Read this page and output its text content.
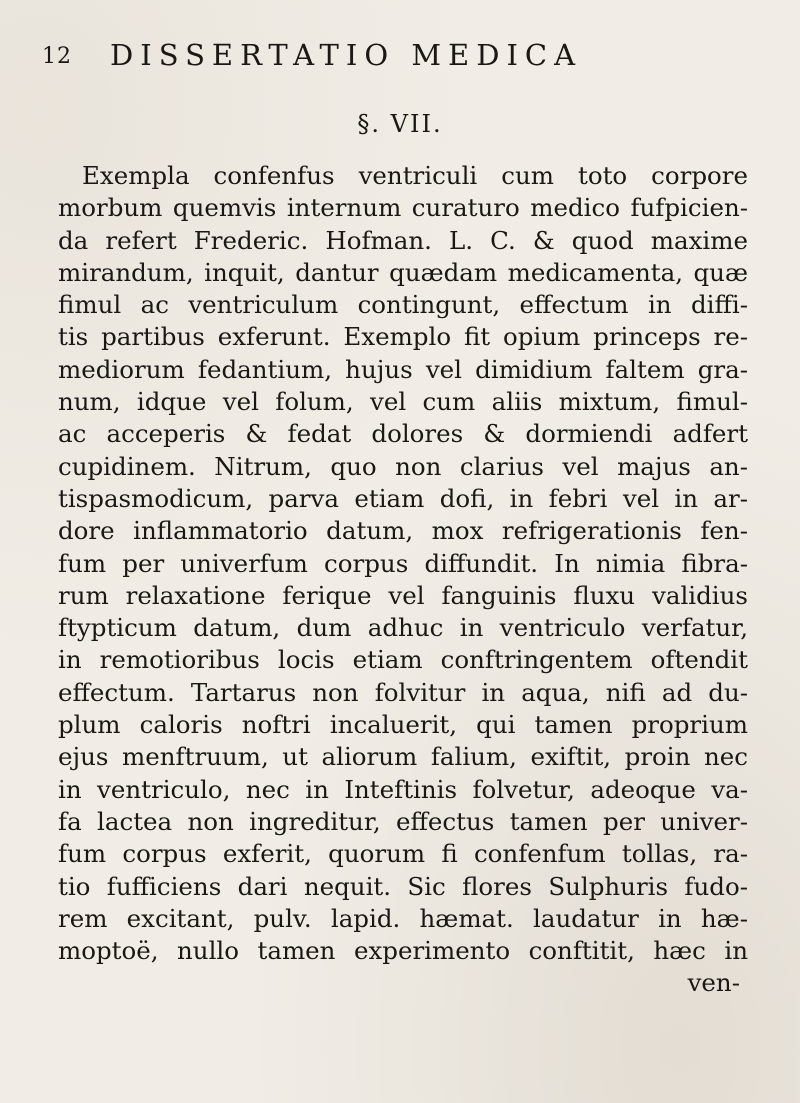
12 DISSERTATIO MEDICA
§. VII.
Exempla confenfus ventriculi cum toto corpore
morbum quemvis internum curaturo medico fufpicien-
da refert Frederic. Hofman. L. C. & quod maxime
mirandum, inquit, dantur quædam medicamenta, quæ
fimul ac ventriculum contingunt, effectum in diffi-
tis partibus exferunt. Exemplo fit opium princeps re-
mediorum fedantium, hujus vel dimidium faltem gra-
num, idque vel folum, vel cum aliis mixtum, fimul-
ac acceperis & fedat dolores & dormiendi adfert
cupidinem. Nitrum, quo non clarius vel majus an-
tispasmodicum, parva etiam dofi, in febri vel in ar-
dore inflammatorio datum, mox refrigerationis fen-
fum per univerfum corpus diffundit. In nimia fibra-
rum relaxatione ferique vel fanguinis fluxu validius
ftypticum datum, dum adhuc in ventriculo verfatur,
in remotioribus locis etiam conftringentem oftendit
effectum. Tartarus non folvitur in aqua, nifi ad du-
plum caloris noftri incaluerit, qui tamen proprium
ejus menftruum, ut aliorum falium, exiftit, proin nec
in ventriculo, nec in Inteftinis folvetur, adeoque va-
fa lactea non ingreditur, effectus tamen per univer-
fum corpus exferit, quorum fi confenfum tollas, ra-
tio fufficiens dari nequit. Sic flores Sulphuris fudo-
rem excitant, pulv. lapid. hæmat. laudatur in hæ-
moptoë, nullo tamen experimento conftitit, hæc in
ven-
